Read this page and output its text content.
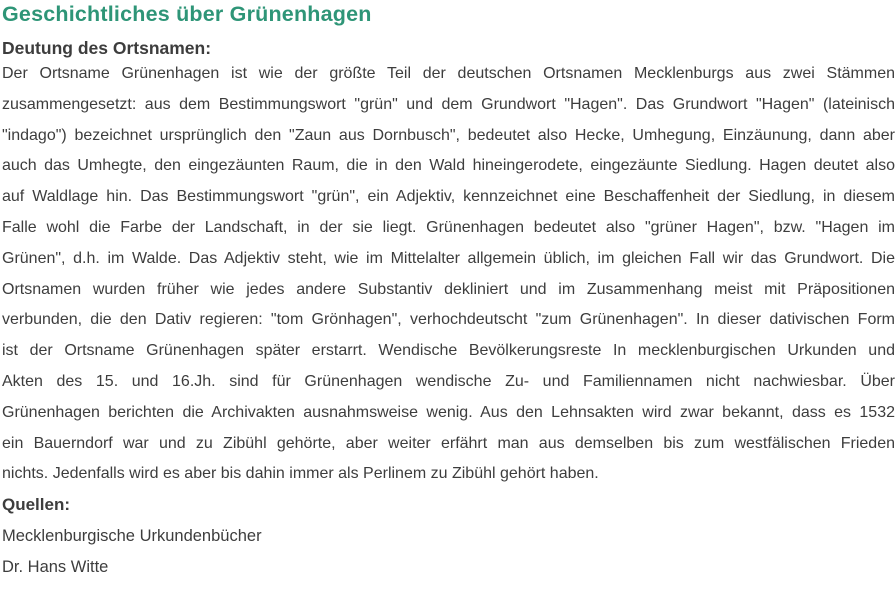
Geschichtliches über Grünenhagen
Deutung des Ortsnamen:
Der Ortsname Grünenhagen ist wie der größte Teil der deutschen Ortsnamen Mecklenburgs aus zwei Stämmen
zusammengesetzt: aus dem Bestimmungswort "grün" und dem Grundwort "Hagen". Das Grundwort "Hagen" (lateinisch
"indago") bezeichnet ursprünglich den "Zaun aus Dornbusch", bedeutet also Hecke, Umhegung, Einzäunung, dann aber
auch das Umhegte, den eingezäunten Raum, die in den Wald hineingerodete, eingezäunte Siedlung. Hagen deutet also
auf Waldlage hin. Das Bestimmungswort "grün", ein Adjektiv, kennzeichnet eine Beschaffenheit der Siedlung, in diesem
Falle wohl die Farbe der Landschaft, in der sie liegt. Grünenhagen bedeutet also "grüner Hagen", bzw. "Hagen im
Grünen", d.h. im Walde. Das Adjektiv steht, wie im Mittelalter allgemein üblich, im gleichen Fall wir das Grundwort. Die
Ortsnamen wurden früher wie jedes andere Substantiv dekliniert und im Zusammenhang meist mit Präpositionen
verbunden, die den Dativ regieren: "tom Grönhagen", verhochdeutscht "zum Grünenhagen". In dieser dativischen Form
ist der Ortsname Grünenhagen später erstarrt. Wendische Bevölkerungsreste In mecklenburgischen Urkunden und
Akten des 15. und 16.Jh. sind für Grünenhagen wendische Zu- und Familiennamen nicht nachwiesbar. Über
Grünenhagen berichten die Archivakten ausnahmsweise wenig. Aus den Lehnsakten wird zwar bekannt, dass es 1532
ein Bauerndorf war und zu Zibühl gehörte, aber weiter erfährt man aus demselben bis zum westfälischen Frieden
nichts. Jedenfalls wird es aber bis dahin immer als Perlinem zu Zibühl gehört haben.
Quellen:
Mecklenburgische Urkundenbücher
Dr. Hans Witte
